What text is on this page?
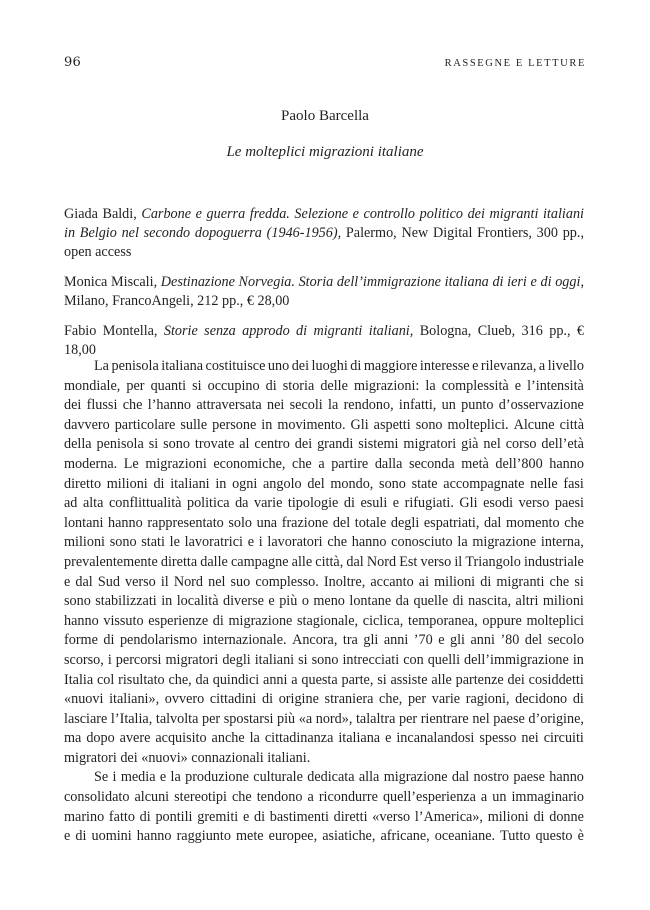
96	RASSEGNE E LETTURE
Paolo Barcella
Le molteplici migrazioni italiane

Giada Baldi, Carbone e guerra fredda. Selezione e controllo politico dei migranti italiani in Belgio nel secondo dopoguerra (1946-1956), Palermo, New Digital Frontiers, 300 pp., open access

Monica Miscali, Destinazione Norvegia. Storia dell’immigrazione italiana di ieri e di oggi, Milano, FrancoAngeli, 212 pp., € 28,00

Fabio Montella, Storie senza approdo di migranti italiani, Bologna, Clueb, 316 pp., € 18,00

La penisola italiana costituisce uno dei luoghi di maggiore interesse e rilevanza, a livello
mondiale, per quanti si occupino di storia delle migrazioni: la complessità e l’intensità
dei flussi che l’hanno attraversata nei secoli la rendono, infatti, un punto d’osservazione
davvero particolare sulle persone in movimento. Gli aspetti sono molteplici. Alcune città
della penisola si sono trovate al centro dei grandi sistemi migratori già nel corso dell’età
moderna. Le migrazioni economiche, che a partire dalla seconda metà dell’800 hanno
diretto milioni di italiani in ogni angolo del mondo, sono state accompagnate nelle fasi
ad alta conflittualità politica da varie tipologie di esuli e rifugiati. Gli esodi verso paesi
lontani hanno rappresentato solo una frazione del totale degli espatriati, dal momento che
milioni sono stati le lavoratrici e i lavoratori che hanno conosciuto la migrazione interna,
prevalentemente diretta dalle campagne alle città, dal Nord Est verso il Triangolo industriale
e dal Sud verso il Nord nel suo complesso. Inoltre, accanto ai milioni di migranti che si
sono stabilizzati in località diverse e più o meno lontane da quelle di nascita, altri milioni
hanno vissuto esperienze di migrazione stagionale, ciclica, temporanea, oppure molteplici
forme di pendolarismo internazionale. Ancora, tra gli anni ’70 e gli anni ’80 del secolo
scorso, i percorsi migratori degli italiani si sono intrecciati con quelli dell’immigrazione in
Italia col risultato che, da quindici anni a questa parte, si assiste alle partenze dei cosiddetti
«nuovi italiani», ovvero cittadini di origine straniera che, per varie ragioni, decidono di
lasciare l’Italia, talvolta per spostarsi più «a nord», talaltra per rientrare nel paese d’origine,
ma dopo avere acquisito anche la cittadinanza italiana e incanalandosi spesso nei circuiti
migratori dei «nuovi» connazionali italiani.
Se i media e la produzione culturale dedicata alla migrazione dal nostro paese hanno
consolidato alcuni stereotipi che tendono a ricondurre quell’esperienza a un immaginario
marino fatto di pontili gremiti e di bastimenti diretti «verso l’America», milioni di donne
e di uomini hanno raggiunto mete europee, asiatiche, africane, oceaniane. Tutto questo è
